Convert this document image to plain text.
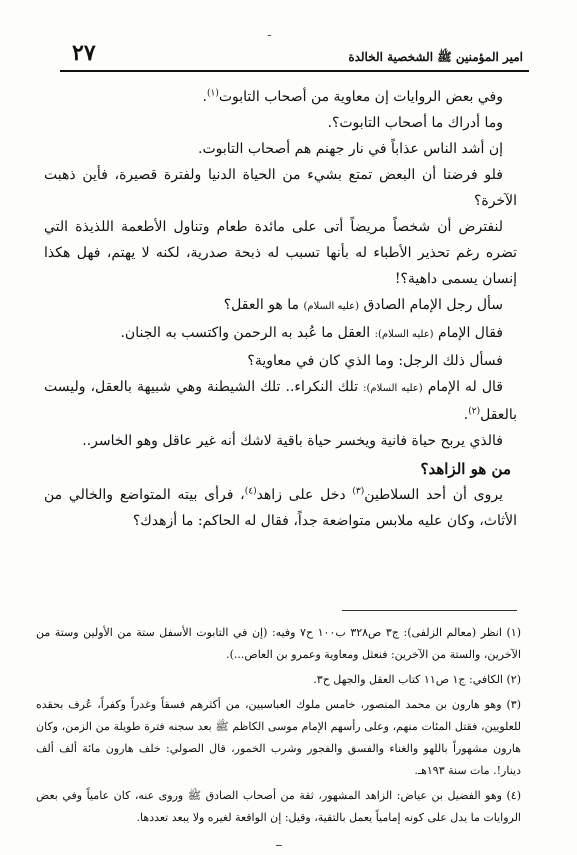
٢٧	امير المؤمنين ﷺ الشخصية الخالدة

وفي بعض الروايات إن معاوية من أصحاب التابوت$^{(١)}$.

وما أدراك ما أصحاب التابوت؟.

إن أشد الناس عذاباً في نار جهنم هم أصحاب التابوت.

فلو فرضنا أن البعض تمتع بشيء من الحياة الدنيا ولفترة قصيرة، فأين ذهبت الآخرة؟

لنفترض أن شخصاً مريضاً أتى على مائدة طعام وتناول الأطعمة اللذيذة التي تضره رغم تحذير الأطباء له بأنها تسبب له ذبحة صدرية، لكنه لا يهتم، فهل هكذا إنسان يسمى داهية؟!

سأل رجل الإمام الصادق (عليه السلام) ما هو العقل؟

فقال الإمام (عليه السلام): العقل ما عُبد به الرحمن واكتسب به الجنان.

فسأل ذلك الرجل: وما الذي كان في معاوية؟

قال له الإمام (عليه السلام): تلك النكراء.. تلك الشيطنة وهي شبيهة بالعقل، وليست بالعقل$^{(٢)}$.

فالذي يربح حياة فانية ويخسر حياة باقية لاشك أنه غير عاقل وهو الخاسر..

من هو الزاهد؟

يروى أن أحد السلاطين$^{(٣)}$ دخل على زاهد$^{(٤)}$، فرأى بيته المتواضع والخالي من الأثاث، وكان عليه ملابس متواضعة جداً، فقال له الحاكم: ما أزهدك؟

(١) انظر (معالم الزلفى): ج٣ ص٣٢٨ ب١٠٠ ح٧ وفيه: (إن في التابوت الأسفل ستة من الأولين وستة من الآخرين، والستة من الآخرين: فنعثل ومعاوية وعمرو بن العاص...).

(٢) الكافي: ج١ ص١١ كتاب العقل والجهل ح٣.

(٣) وهو هارون بن محمد المنصور، خامس ملوك العباسيين، من أكثرهم فسقاً وغدراً وكفراً، عُرف بحقده للعلويين، فقتل المئات منهم، وعلى رأسهم الإمام موسى الكاظم ﷺ بعد سجنه فترة طويلة من الزمن، وكان هارون مشهوراً باللهو والغناء والفسق والفجور وشرب الخمور، قال الصولي: خلف هارون مائة ألف ألف دينار!. مات سنة ١٩٣هـ.

(٤) وهو الفضيل بن عياض: الزاهد المشهور، ثقة من أصحاب الصادق ﷺ وروى عنه، كان عامياً وفي بعض الروايات ما يدل على كونه إمامياً يعمل بالتقية، وقيل: إن الواقعة لغيره ولا يبعد تعددها.

ـ
ــ
